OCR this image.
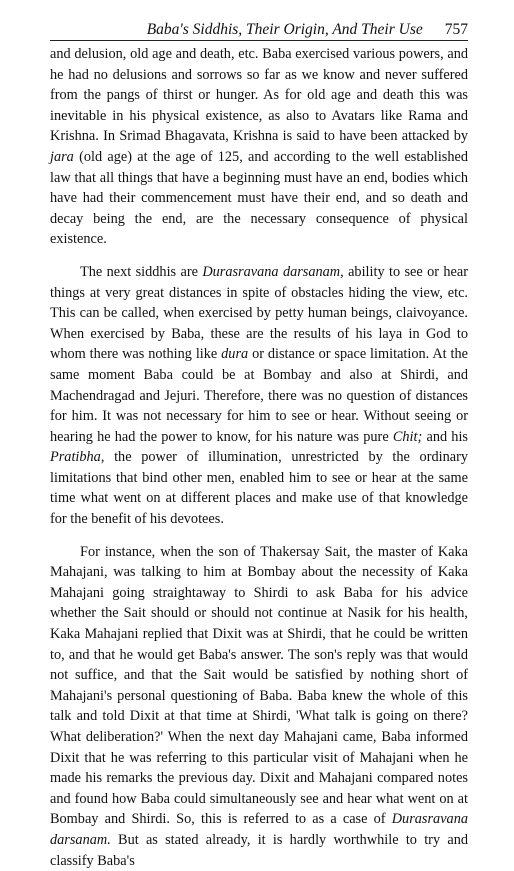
Baba's Siddhis, Their Origin, And Their Use 757

and delusion, old age and death, etc. Baba exercised various powers, and he had no delusions and sorrows so far as we know and never suffered from the pangs of thirst or hunger. As for old age and death this was inevitable in his physical existence, as also to Avatars like Rama and Krishna. In Srimad Bhagavata, Krishna is said to have been attacked by jara (old age) at the age of 125, and according to the well established law that all things that have a beginning must have an end, bodies which have had their commencement must have their end, and so death and decay being the end, are the necessary consequence of physical existence.

The next siddhis are Durasravana darsanam, ability to see or hear things at very great distances in spite of obstacles hiding the view, etc. This can be called, when exercised by petty human beings, claivoyance. When exercised by Baba, these are the results of his laya in God to whom there was nothing like dura or distance or space limitation. At the same moment Baba could be at Bombay and also at Shirdi, and Machendragad and Jejuri. Therefore, there was no question of distances for him. It was not necessary for him to see or hear. Without seeing or hearing he had the power to know, for his nature was pure Chit; and his Pratibha, the power of illumination, unrestricted by the ordinary limitations that bind other men, enabled him to see or hear at the same time what went on at different places and make use of that knowledge for the benefit of his devotees.

For instance, when the son of Thakersay Sait, the master of Kaka Mahajani, was talking to him at Bombay about the necessity of Kaka Mahajani going straightaway to Shirdi to ask Baba for his advice whether the Sait should or should not continue at Nasik for his health, Kaka Mahajani replied that Dixit was at Shirdi, that he could be written to, and that he would get Baba's answer. The son's reply was that would not suffice, and that the Sait would be satisfied by nothing short of Mahajani's personal questioning of Baba. Baba knew the whole of this talk and told Dixit at that time at Shirdi, 'What talk is going on there? What deliberation?' When the next day Mahajani came, Baba informed Dixit that he was referring to this particular visit of Mahajani when he made his remarks the previous day. Dixit and Mahajani compared notes and found how Baba could simultaneously see and hear what went on at Bombay and Shirdi. So, this is referred to as a case of Durasravana darsanam. But as stated already, it is hardly worthwhile to try and classify Baba's
